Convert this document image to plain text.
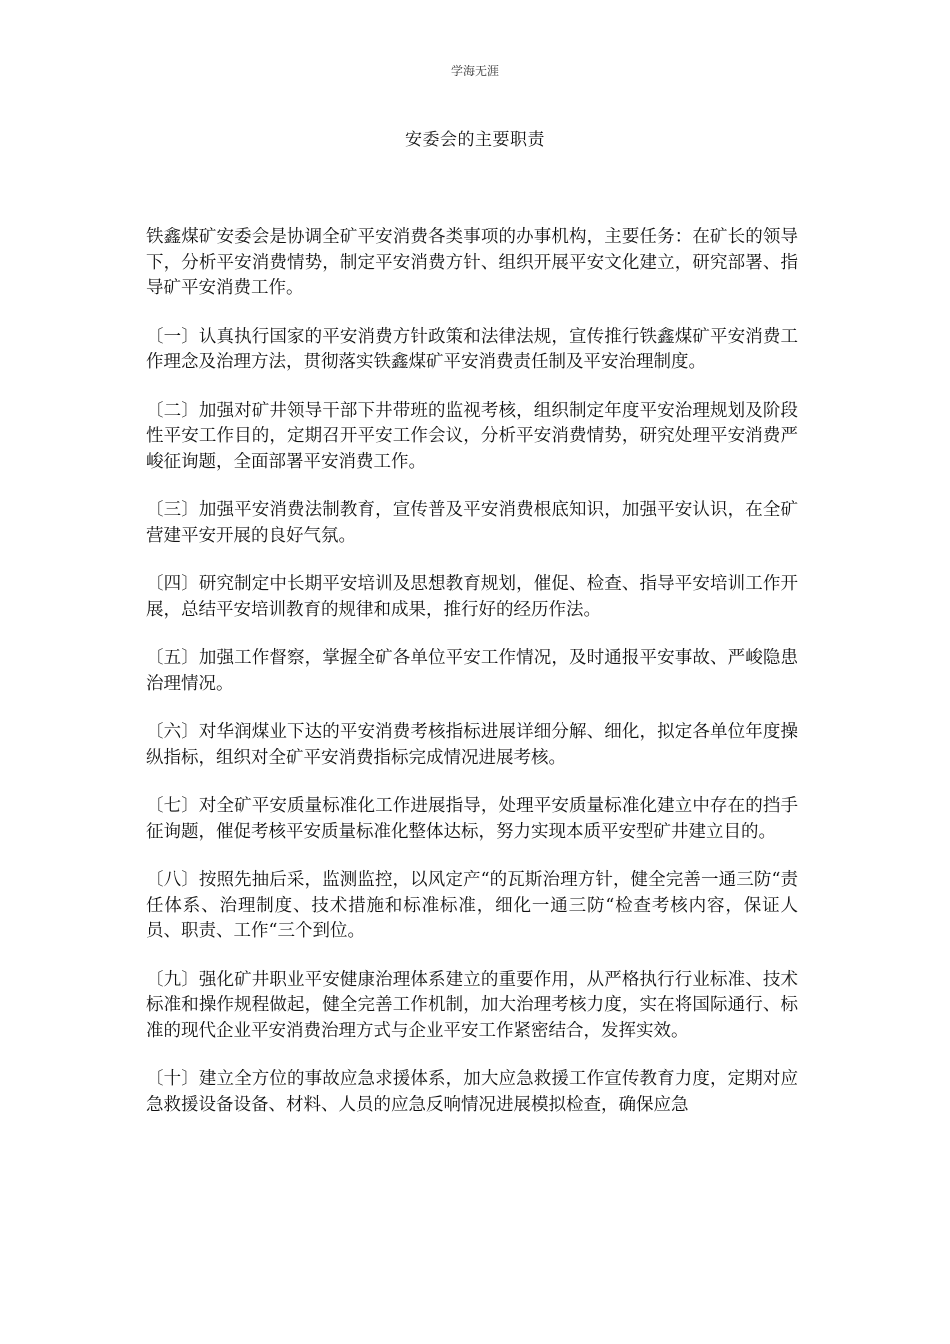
学海无涯
安委会的主要职责

铁鑫煤矿安委会是协调全矿平安消费各类事项的办事机构，主要任务：在矿长的领导下，分析平安消费情势，制定平安消费方针、组织开展平安文化建立，研究部署、指导矿平安消费工作。

〔一〕认真执行国家的平安消费方针政策和法律法规，宣传推行铁鑫煤矿平安消费工作理念及治理方法，贯彻落实铁鑫煤矿平安消费责任制及平安治理制度。

〔二〕加强对矿井领导干部下井带班的监视考核，组织制定年度平安治理规划及阶段性平安工作目的，定期召开平安工作会议，分析平安消费情势，研究处理平安消费严峻征询题，全面部署平安消费工作。

〔三〕加强平安消费法制教育，宣传普及平安消费根底知识，加强平安认识，在全矿营建平安开展的良好气氛。

〔四〕研究制定中长期平安培训及思想教育规划，催促、检查、指导平安培训工作开展，总结平安培训教育的规律和成果，推行好的经历作法。

〔五〕加强工作督察，掌握全矿各单位平安工作情况，及时通报平安事故、严峻隐患治理情况。

〔六〕对华润煤业下达的平安消费考核指标进展详细分解、细化，拟定各单位年度操纵指标，组织对全矿平安消费指标完成情况进展考核。

〔七〕对全矿平安质量标准化工作进展指导，处理平安质量标准化建立中存在的挡手征询题，催促考核平安质量标准化整体达标，努力实现本质平安型矿井建立目的。

〔八〕按照先抽后采，监测监控，以风定产“的瓦斯治理方针，健全完善一通三防“责任体系、治理制度、技术措施和标准标准，细化一通三防“检查考核内容，保证人员、职责、工作“三个到位。

〔九〕强化矿井职业平安健康治理体系建立的重要作用，从严格执行行业标准、技术标准和操作规程做起，健全完善工作机制，加大治理考核力度，实在将国际通行、标准的现代企业平安消费治理方式与企业平安工作紧密结合，发挥实效。

〔十〕建立全方位的事故应急求援体系，加大应急救援工作宣传教育力度，定期对应急救援设备设备、材料、人员的应急反响情况进展模拟检查，确保应急
